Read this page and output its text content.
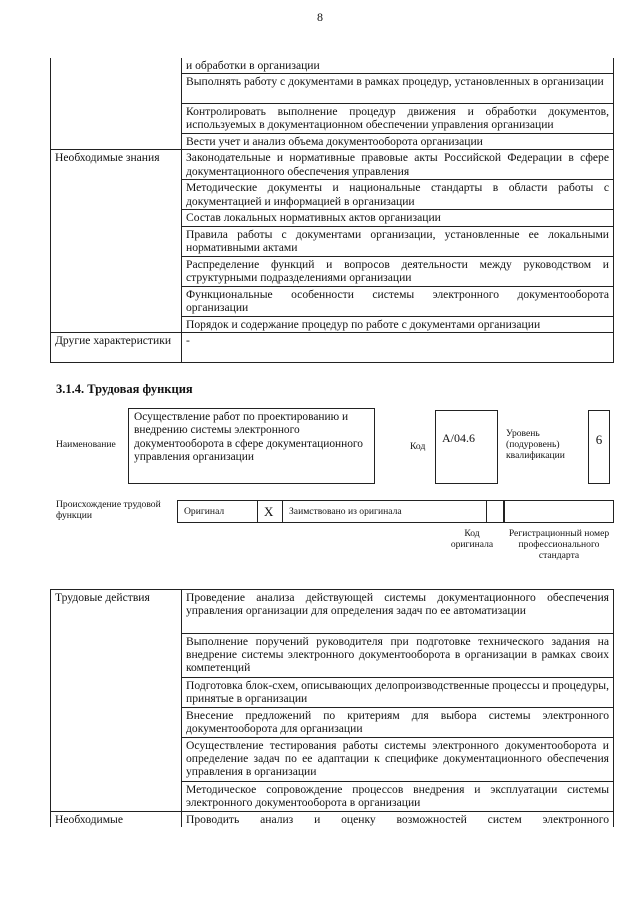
8
	и обработки в организации
	Выполнять работу с документами в рамках процедур, установленных в организации
	Контролировать выполнение процедур движения и обработки документов, используемых в документационном обеспечении управления организации
	Вести учет и анализ объема документооборота организации
Необходимые знания	Законодательные и нормативные правовые акты Российской Федерации в сфере документационного обеспечения управления
	Методические документы и национальные стандарты в области работы с документацией и информацией в организации
	Состав локальных нормативных актов организации
	Правила работы с документами организации, установленные ее локальными нормативными актами
	Распределение функций и вопросов деятельности между руководством и структурными подразделениями организации
	Функциональные особенности системы электронного документооборота организации
	Порядок и содержание процедур по работе с документами организации
Другие характеристики	-
3.1.4. Трудовая функция
Наименование
Осуществление работ по проектированию и внедрению системы электронного документооборота в сфере документационного управления организации
Код
А/04.6	Уровень (подуровень) квалификации
6
Происхождение трудовой функции	Оригинал	X	Заимствовано из оригинала
Код оригинала
Регистрационный номер профессионального стандарта
Трудовые действия	Проведение анализа действующей системы документационного обеспечения управления организации для определения задач по ее автоматизации
	Выполнение поручений руководителя при подготовке технического задания на внедрение системы электронного документооборота в организации в рамках своих компетенций
	Подготовка блок-схем, описывающих делопроизводственные процессы и процедуры, принятые в организации
	Внесение предложений по критериям для выбора системы электронного документооборота для организации
	Осуществление тестирования работы системы электронного документооборота и определение задач по ее адаптации к специфике документационного обеспечения управления в организации
	Методическое сопровождение процессов внедрения и эксплуатации системы электронного документооборота в организации
Необходимые	Проводить анализ и оценку возможностей систем электронного
